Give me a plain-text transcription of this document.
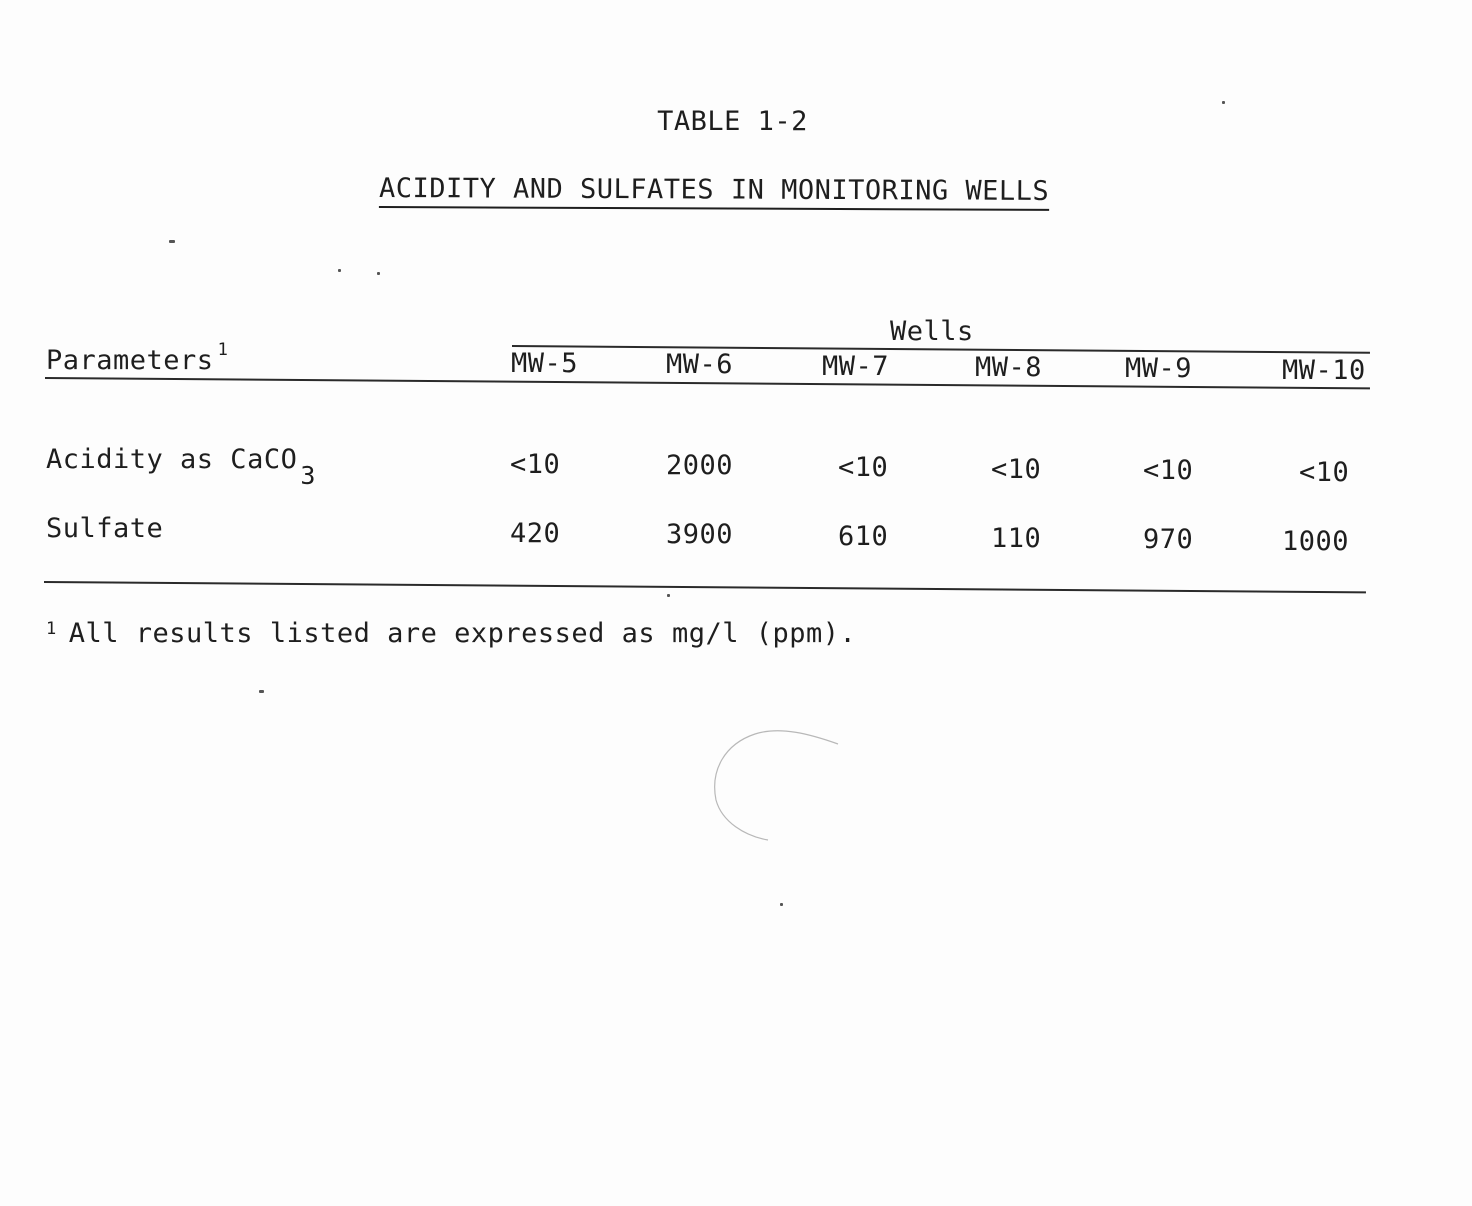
TABLE 1-2
ACIDITY AND SULFATES IN MONITORING WELLS
Wells
Parameters $^1$	MW-5	MW-6	MW-7	MW-8	MW-9	MW-10
Acidity as CaCO3	<10	2000	<10	<10	<10	<10
Sulfate	420	3900	610	110	970	1000
$^1$ All results listed are expressed as mg/l (ppm).
